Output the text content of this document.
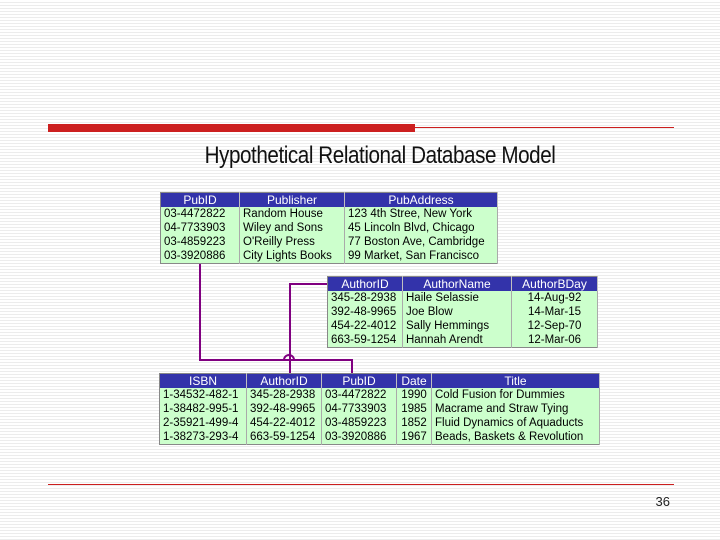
Hypothetical Relational Database Model
PubID	Publisher	PubAddress
03-4472822	Random House	123 4th Stree, New York
04-7733903	Wiley and Sons	45 Lincoln Blvd, Chicago
03-4859223	O'Reilly Press	77 Boston Ave, Cambridge
03-3920886	City Lights Books	99 Market, San Francisco
AuthorID	AuthorName	AuthorBDay
345-28-2938	Haile Selassie	14-Aug-92
392-48-9965	Joe Blow	14-Mar-15
454-22-4012	Sally Hemmings	12-Sep-70
663-59-1254	Hannah Arendt	12-Mar-06
ISBN	AuthorID	PubID	Date	Title
1-34532-482-1	345-28-2938	03-4472822	1990	Cold Fusion for Dummies
1-38482-995-1	392-48-9965	04-7733903	1985	Macrame and Straw Tying
2-35921-499-4	454-22-4012	03-4859223	1852	Fluid Dynamics of Aquaducts
1-38273-293-4	663-59-1254	03-3920886	1967	Beads, Baskets & Revolution
36
